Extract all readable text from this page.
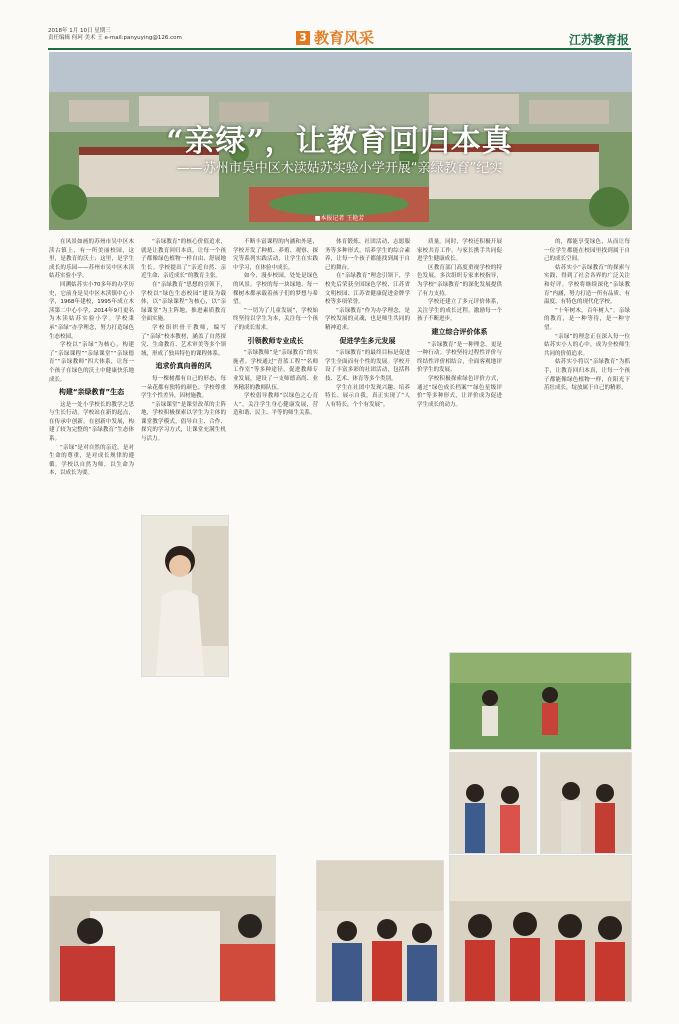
2018年 1月 10日 星期三
责任编辑 何珂 美术 王 e-mail:panyuying@126.com	3 教育风采	江苏教育报
“亲绿”，让教育回归本真
——苏州市吴中区木渎姑苏实验小学开展“亲绿教育”纪实
■本报记者 王艳芳

在风景如画的苏州市吴中区木渎古镇上，有一所美丽校园，这里，是教育的沃土；这里，是学生成长的乐园——苏州市吴中区木渎姑苏实验小学。

回溯姑苏实小70多年的办学历史，它前身是吴中区木渎镇中心小学，1968年建校，1995年成立木渎第二中心小学，2014年9月更名为木渎姑苏实验小学。学校秉承“亲绿”办学理念，努力打造绿色生态校园。

学校以“亲绿”为核心，构建了“亲绿课程”“亲绿课堂”“亲绿德育”“亲绿教师”四大体系，让每一个孩子在绿色的沃土中健康快乐地成长。

构建“亲绿教育”生态

这是一处小学校长的教学之思与生长行动。学校站在新的起点，在传承中创新，在创新中发展，构建了较为完整的“亲绿教育”生态体系。

“亲绿”是对自然的亲近，是对生命的尊重，是对成长规律的遵循。学校以自然为师，以生命为本，以成长为要。

“亲绿教育”的核心价值追求，就是让教育回归本真，让每一个孩子都像绿色植物一样自由、舒展地生长。学校提出了“亲近自然、亲近生命、亲近成长”的教育主张。

在“亲绿教育”思想的引领下，学校以“绿色生态校园”建设为载体，以“亲绿课程”为核心，以“亲绿课堂”为主阵地，推进素质教育全面实施。

学校组织骨干教师，编写了“亲绿”校本教材，涵盖了自然探究、生命教育、艺术审美等多个领域，形成了独具特色的课程体系。

追求价真向善的风

每一棵树都有自己的形态，每一朵花都有独特的颜色。学校尊重学生个性差异，因材施教。

“亲绿课堂”是课堂改革的主阵地，学校积极探索以学生为主体的课堂教学模式，倡导自主、合作、探究的学习方式，让课堂充满生机与活力。

不断丰富课程的内涵和外延，学校开发了种植、养殖、观察、探究等系列实践活动，让学生在实践中学习，在体验中成长。

如今，漫步校园，处处是绿色的风景。学校的每一块绿地、每一棵树木都承载着孩子们的梦想与希望。

“一切为了儿童发展”，学校始终坚持以学生为本，关注每一个孩子的成长需求。

引领教师专业成长

“亲绿教师”是“亲绿教育”的实施者。学校通过“青蓝工程”“名师工作室”等多种途径，促进教师专业发展，建设了一支师德高尚、业务精湛的教师队伍。

学校倡导教师“以绿色之心育人”，关注学生身心健康发展，营造和谐、民主、平等的师生关系。

体育锻炼、社团活动、志愿服务等多种形式，培养学生的综合素养，让每一个孩子都能找到属于自己的舞台。

在“亲绿教育”理念引领下，学校先后荣获全国绿色学校、江苏省文明校园、江苏省健康促进金牌学校等多项荣誉。

“亲绿教育”作为办学理念，是学校发展的灵魂，也是师生共同的精神追求。

促进学生多元发展

“亲绿教育”的最终目标是促进学生全面而有个性的发展。学校开设了丰富多彩的社团活动，包括科技、艺术、体育等多个类别。

学生在社团中发现兴趣、培养特长、展示自我，真正实现了“人人有特长，个个有发展”。

质量。同时，学校还积极开展家校共育工作，与家长携手共同促进学生健康成长。

区教育部门高度重视学校的特色发展，多次组织专家来校指导，为学校“亲绿教育”的深化发展提供了有力支持。

学校还建立了多元评价体系，关注学生的成长过程，激励每一个孩子不断进步。

建立综合评价体系

“亲绿教育”是一种理念，更是一种行动。学校坚持过程性评价与终结性评价相结合，全面客观地评价学生的发展。

学校积极探索绿色评价方式，通过“绿色成长档案”“绿色星级评价”等多种形式，让评价成为促进学生成长的动力。

的，都能享受绿色，从而让每一位学生都能在校园里找到属于自己的成长空间。

姑苏实小“亲绿教育”的探索与实践，得到了社会各界的广泛关注和好评。学校将继续深化“亲绿教育”内涵，努力打造一所有品质、有温度、有特色的现代化学校。

“十年树木，百年树人”。亲绿的教育，是一种等待，是一种守望。

“亲绿”的理念正在深入每一位姑苏实小人的心中，成为全校师生共同的价值追求。

姑苏实小将以“亲绿教育”为抓手，让教育回归本真，让每一个孩子都能像绿色植物一样，在阳光下茁壮成长，绽放属于自己的精彩。
